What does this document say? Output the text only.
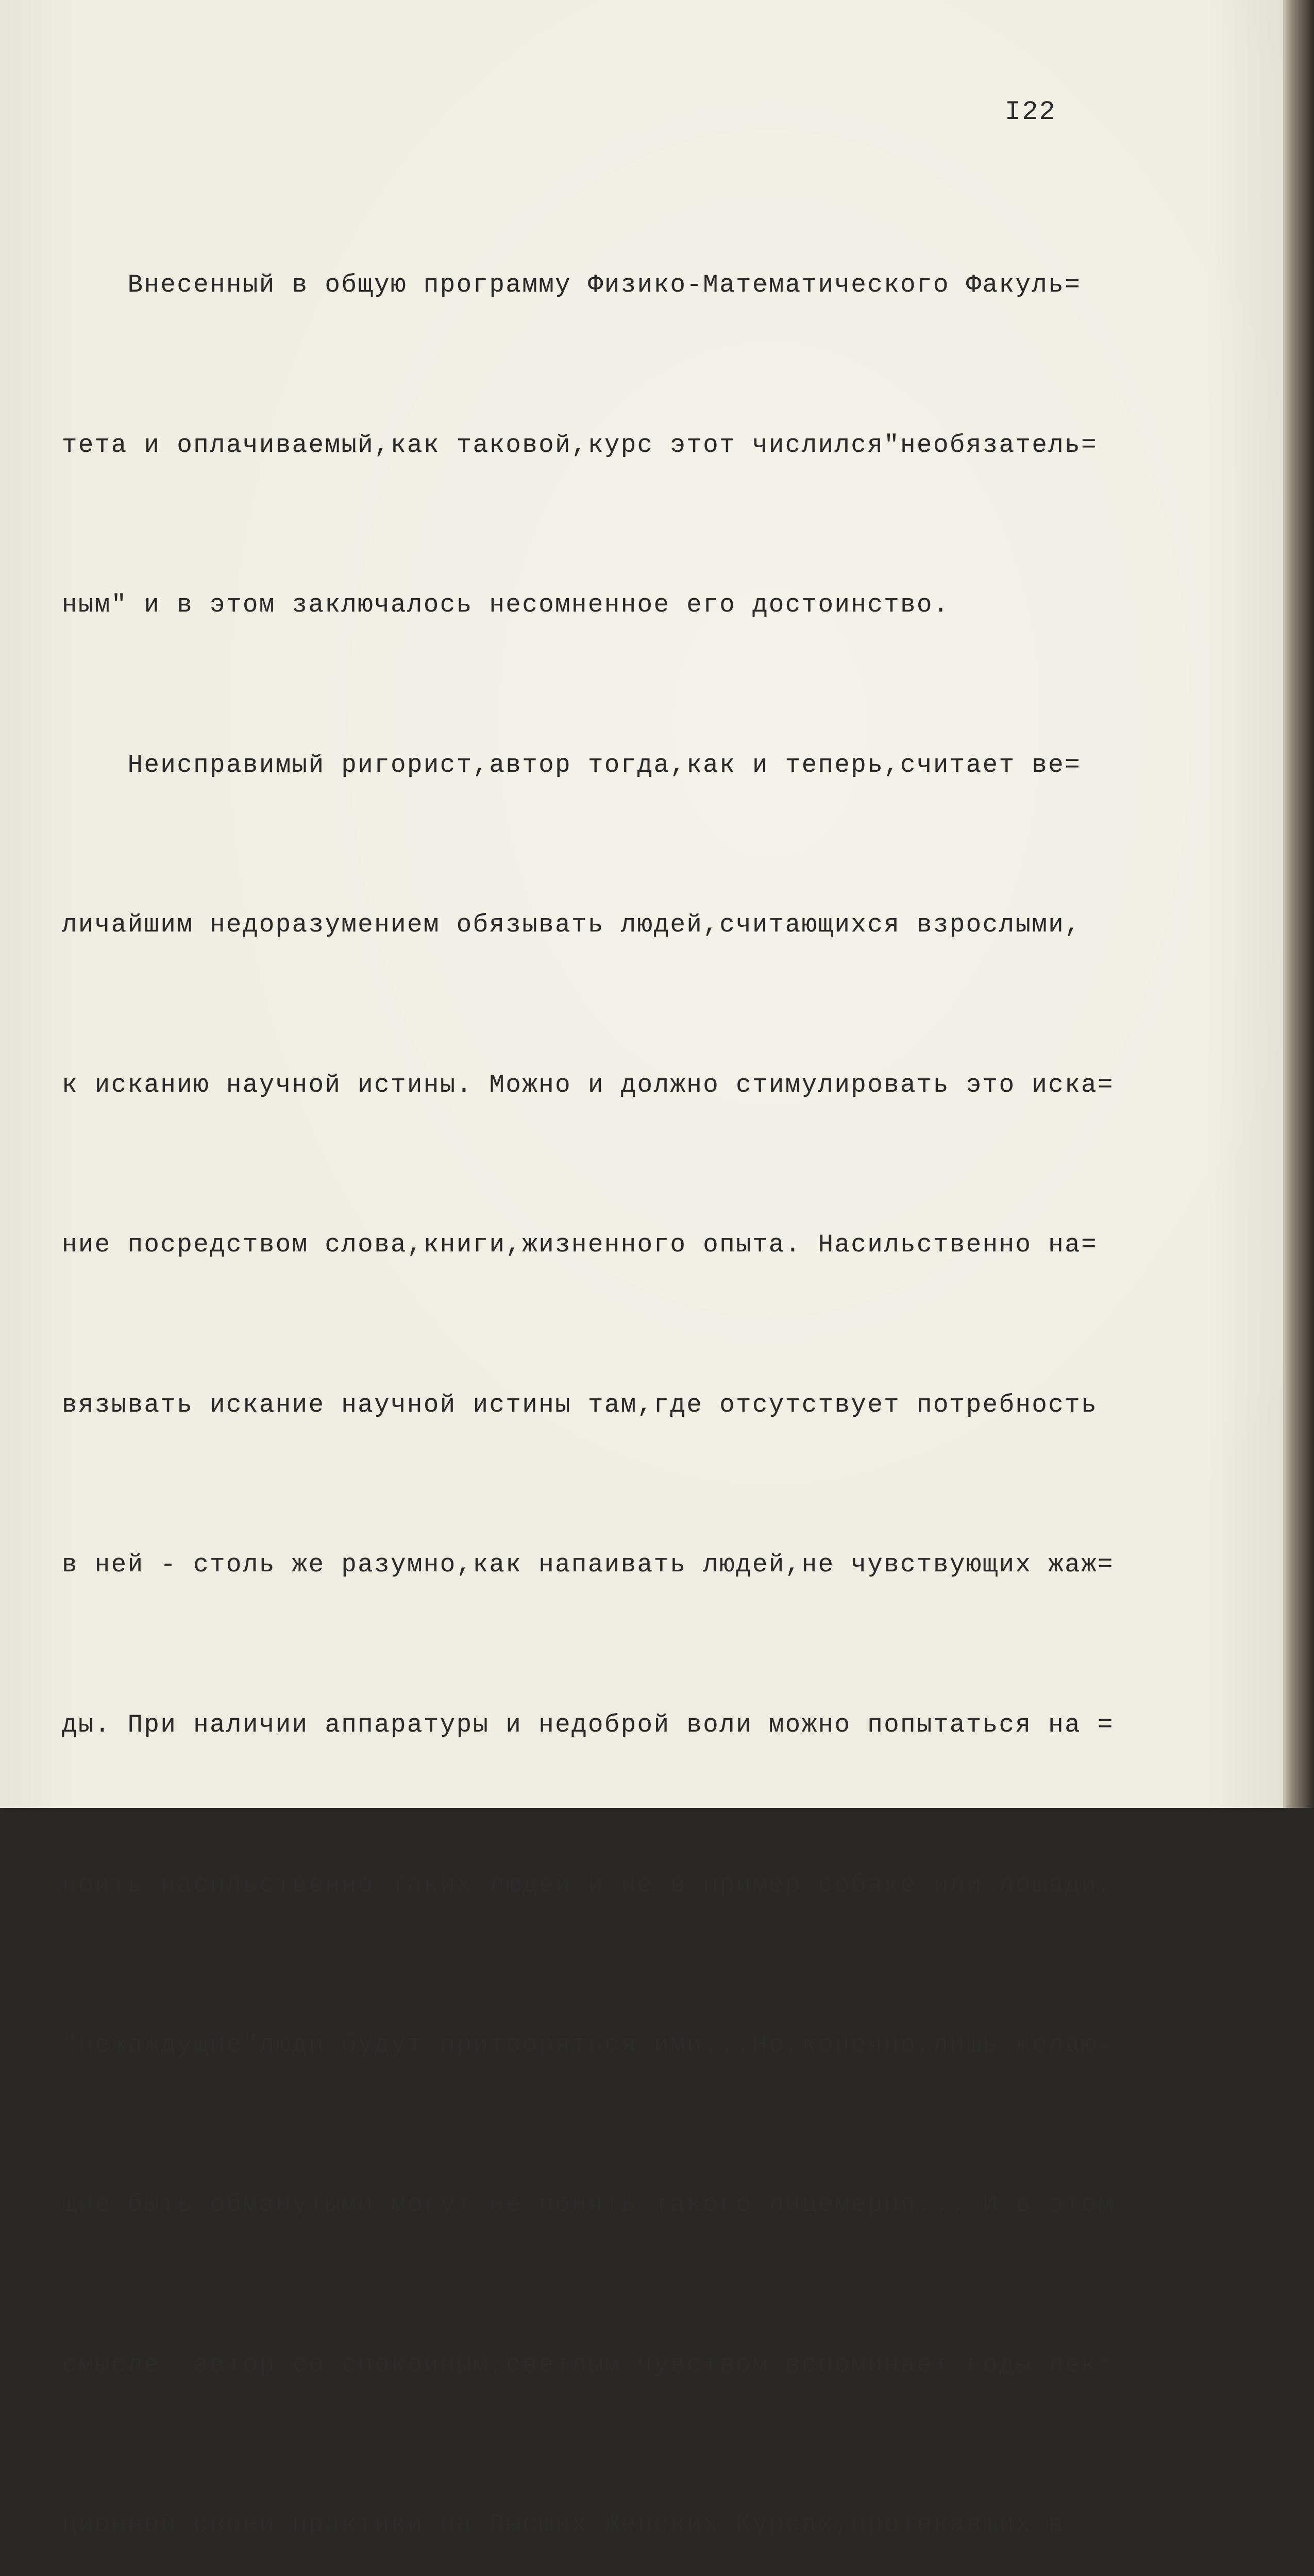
I22

Внесенный в общую программу Физико-Математического Факуль=

тета и оплачиваемый,как таковой,курс этот числился"необязатель=

ным" и в этом заключалось несомненное его достоинство.

Неисправимый ригорист,автор тогда,как и теперь,считает ве=

личайшим недоразумением обязывать людей,считающихся взрослыми,

к исканию научной истины. Можно и должно стимулировать это иска=

ние посредством слова,книги,жизненного опыта. Насильственно на=

вязывать искание научной истины там,где отсутствует потребность

в ней - столь же разумно,как напаивать людей,не чувствующих жаж=

ды. При наличии аппаратуры и недоброй воли можно попытаться на =

поить насильственно таких людей и не в пример собаке или лошади,

"нежаждущие"люди будут притворяться ими...Но,конечно,лишь желаю=

щие быть обманутыми могут не понять такого лицемерия... И в этом

смысле  автор со спокойным,светлым чувством вспоминает годы лек=

ционной своей практики на Высших Женских Курсах,протекавших в
